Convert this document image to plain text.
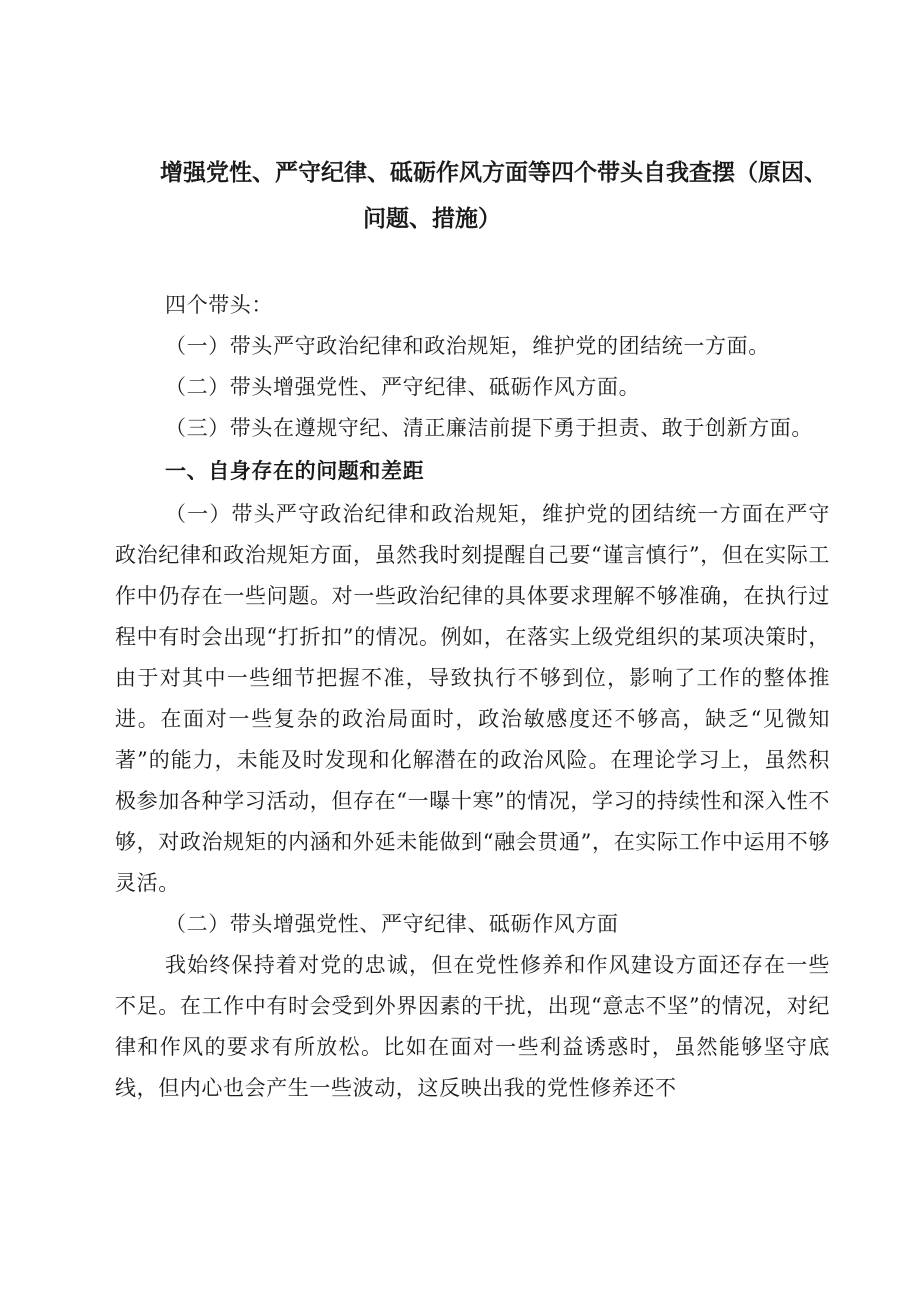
增强党性、严守纪律、砥砺作风方面等四个带头自我查摆（原因、
问题、措施）

四个带头：

（一）带头严守政治纪律和政治规矩，维护党的团结统一方面。

（二）带头增强党性、严守纪律、砥砺作风方面。

（三）带头在遵规守纪、清正廉洁前提下勇于担责、敢于创新方面。

一、自身存在的问题和差距

（一）带头严守政治纪律和政治规矩，维护党的团结统一方面在严守政治纪律和政治规矩方面，虽然我时刻提醒自己要“谨言慎行”，但在实际工作中仍存在一些问题。对一些政治纪律的具体要求理解不够准确，在执行过程中有时会出现“打折扣”的情况。例如，在落实上级党组织的某项决策时，由于对其中一些细节把握不准，导致执行不够到位，影响了工作的整体推进。在面对一些复杂的政治局面时，政治敏感度还不够高，缺乏“见微知著”的能力，未能及时发现和化解潜在的政治风险。在理论学习上，虽然积极参加各种学习活动，但存在“一曝十寒”的情况，学习的持续性和深入性不够，对政治规矩的内涵和外延未能做到“融会贯通”，在实际工作中运用不够灵活。

（二）带头增强党性、严守纪律、砥砺作风方面

我始终保持着对党的忠诚，但在党性修养和作风建设方面还存在一些不足。在工作中有时会受到外界因素的干扰，出现“意志不坚”的情况，对纪律和作风的要求有所放松。比如在面对一些利益诱惑时，虽然能够坚守底线，但内心也会产生一些波动，这反映出我的党性修养还不
